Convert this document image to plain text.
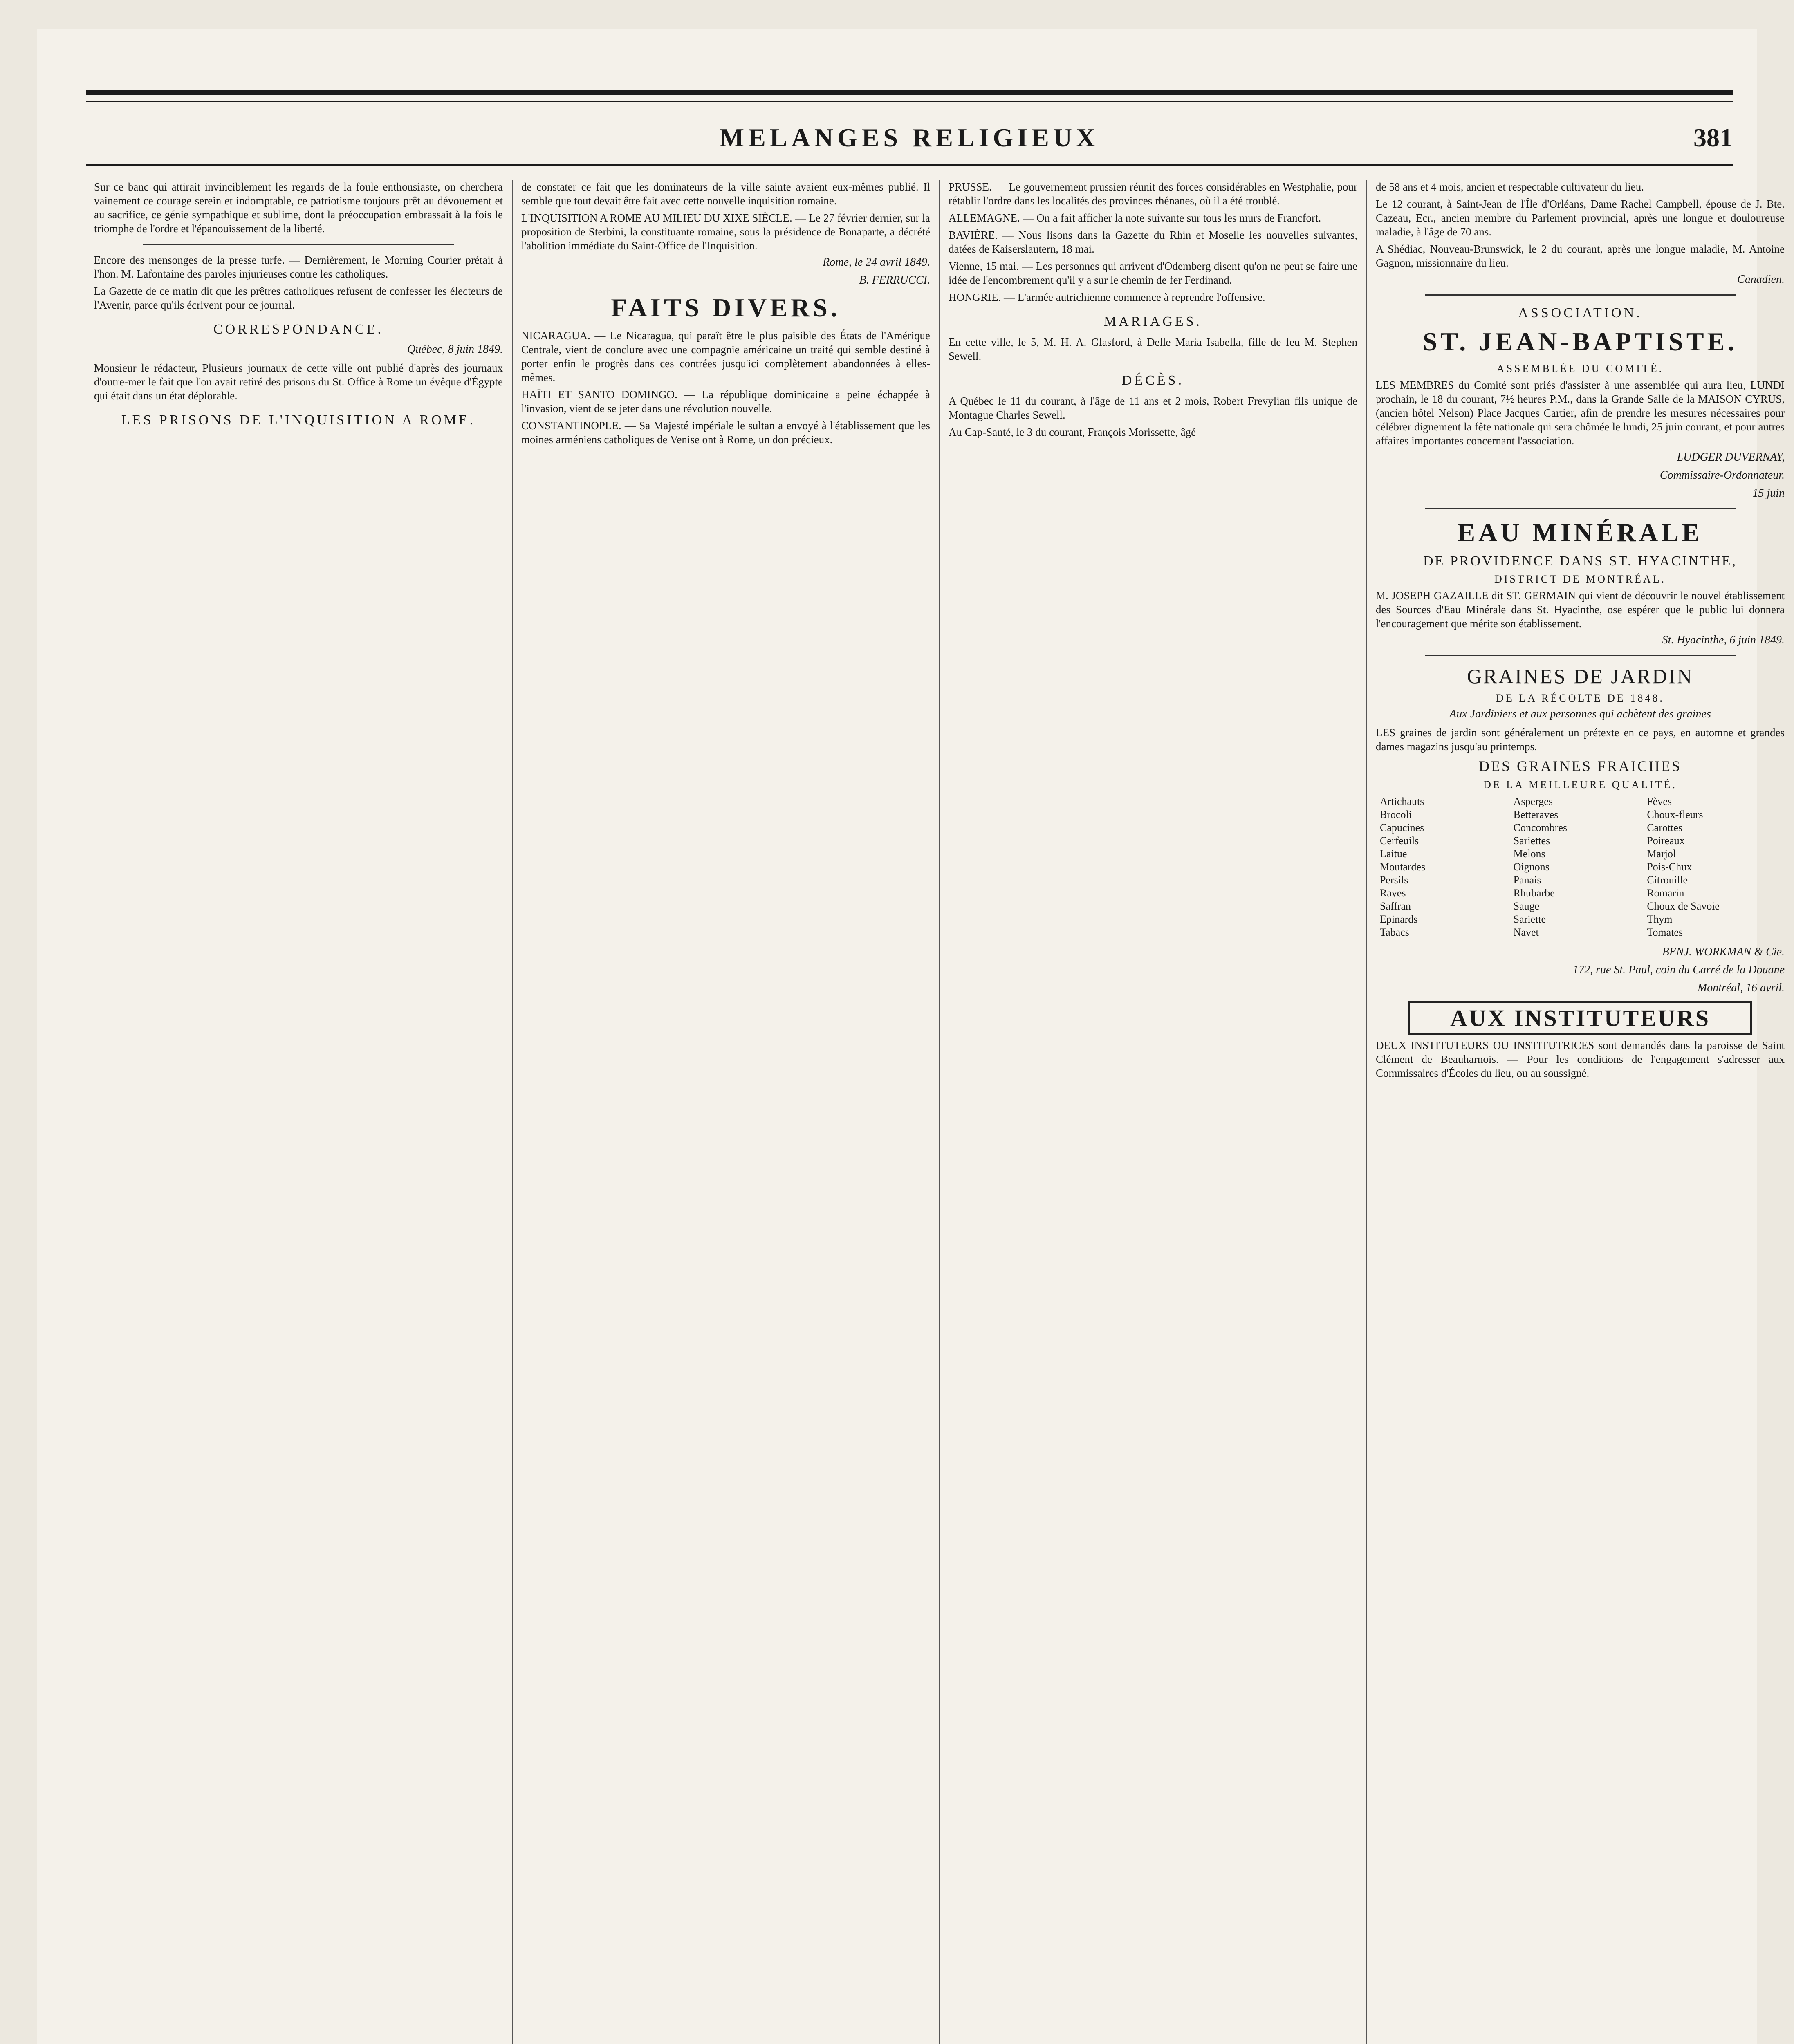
MELANGES RELIGIEUX	381

Sur ce banc qui attirait invinciblement les regards de la foule enthousiaste, on cherchera vainement ce courage serein et indomptable, ce patriotisme toujours prêt au dévouement et au sacrifice, ce génie sympathique et sublime, dont la préoccupation embrassait à la fois le triomphe de l'ordre et l'épanouissement de la liberté.

Encore des mensonges de la presse turfe. — Dernièrement, le Morning Courier prétait à l'hon. M. Lafontaine des paroles injurieuses contre les catholiques.

La Gazette de ce matin dit que les prêtres catholiques refusent de confesser les électeurs de l'Avenir, parce qu'ils écrivent pour ce journal.

CORRESPONDANCE.
Québec, 8 juin 1849.

Monsieur le rédacteur, Plusieurs journaux de cette ville ont publié d'après des journaux d'outre-mer le fait que l'on avait retiré des prisons du St. Office à Rome un évêque d'Égypte qui était dans un état déplorable.

LES PRISONS DE L'INQUISITION A ROME.

de constater ce fait que les dominateurs de la ville sainte avaient eux-mêmes publié. Il semble que tout devait être fait avec cette nouvelle inquisition romaine.

L'INQUISITION A ROME AU MILIEU DU XIXE SIÈCLE. — Le 27 février dernier, sur la proposition de Sterbini, la constituante romaine, sous la présidence de Bonaparte, a décrété l'abolition immédiate du Saint-Office de l'Inquisition.

Rome, le 24 avril 1849.
B. FERRUCCI.
FAITS DIVERS.

NICARAGUA. — Le Nicaragua, qui paraît être le plus paisible des États de l'Amérique Centrale, vient de conclure avec une compagnie américaine un traité qui semble destiné à porter enfin le progrès dans ces contrées jusqu'ici complètement abandonnées à elles-mêmes.

HAÏTI ET SANTO DOMINGO. — La république dominicaine a peine échappée à l'invasion, vient de se jeter dans une révolution nouvelle.

CONSTANTINOPLE. — Sa Majesté impériale le sultan a envoyé à l'établissement que les moines arméniens catholiques de Venise ont à Rome, un don précieux.

PRUSSE. — Le gouvernement prussien réunit des forces considérables en Westphalie, pour rétablir l'ordre dans les localités des provinces rhénanes, où il a été troublé.

ALLEMAGNE. — On a fait afficher la note suivante sur tous les murs de Francfort.

BAVIÈRE. — Nous lisons dans la Gazette du Rhin et Moselle les nouvelles suivantes, datées de Kaiserslautern, 18 mai.

Vienne, 15 mai. — Les personnes qui arrivent d'Odemberg disent qu'on ne peut se faire une idée de l'encombrement qu'il y a sur le chemin de fer Ferdinand.

HONGRIE. — L'armée autrichienne commence à reprendre l'offensive.

MARIAGES.

En cette ville, le 5, M. H. A. Glasford, à Delle Maria Isabella, fille de feu M. Stephen Sewell.

DÉCÈS.

A Québec le 11 du courant, à l'âge de 11 ans et 2 mois, Robert Frevylian fils unique de Montague Charles Sewell.

Au Cap-Santé, le 3 du courant, François Morissette, âgé

de 58 ans et 4 mois, ancien et respectable cultivateur du lieu.

Le 12 courant, à Saint-Jean de l'Île d'Orléans, Dame Rachel Campbell, épouse de J. Bte. Cazeau, Ecr., ancien membre du Parlement provincial, après une longue et douloureuse maladie, à l'âge de 70 ans.

A Shédiac, Nouveau-Brunswick, le 2 du courant, après une longue maladie, M. Antoine Gagnon, missionnaire du lieu.

Canadien.
ASSOCIATION.
ST. JEAN-BAPTISTE.
ASSEMBLÉE DU COMITÉ.

LES MEMBRES du Comité sont priés d'assister à une assemblée qui aura lieu, LUNDI prochain, le 18 du courant, 7½ heures P.M., dans la Grande Salle de la MAISON CYRUS, (ancien hôtel Nelson) Place Jacques Cartier, afin de prendre les mesures nécessaires pour célébrer dignement la fête nationale qui sera chômée le lundi, 25 juin courant, et pour autres affaires importantes concernant l'association.

LUDGER DUVERNAY,
Commissaire-Ordonnateur.
15 juin
EAU MINÉRALE
DE PROVIDENCE DANS ST. HYACINTHE,
DISTRICT DE MONTRÉAL.

M. JOSEPH GAZAILLE dit ST. GERMAIN qui vient de découvrir le nouvel établissement des Sources d'Eau Minérale dans St. Hyacinthe, ose espérer que le public lui donnera l'encouragement que mérite son établissement.

St. Hyacinthe, 6 juin 1849.
GRAINES DE JARDIN
DE LA RÉCOLTE DE 1848.
Aux Jardiniers et aux personnes qui achètent des graines

LES graines de jardin sont généralement un prétexte en ce pays, en automne et grandes dames magazins jusqu'au printemps.

DES GRAINES FRAICHES
DE LA MEILLEURE QUALITÉ.
Artichauts	Asperges	Fèves
Brocoli	Betteraves	Choux-fleurs
Capucines	Concombres	Carottes
Cerfeuils	Sariettes	Poireaux
Laitue	Melons	Marjol
Moutardes	Oignons	Pois-Chux
Persils	Panais	Citrouille
Raves	Rhubarbe	Romarin
Saffran	Sauge	Choux de Savoie
Epinards	Sariette	Thym
Tabacs	Navet	Tomates
BENJ. WORKMAN & Cie.
172, rue St. Paul, coin du Carré de la Douane
Montréal, 16 avril.
AUX INSTITUTEURS

DEUX INSTITUTEURS OU INSTITUTRICES sont demandés dans la paroisse de Saint Clément de Beauharnois. — Pour les conditions de l'engagement s'adresser aux Commissaires d'Écoles du lieu, ou au soussigné.
